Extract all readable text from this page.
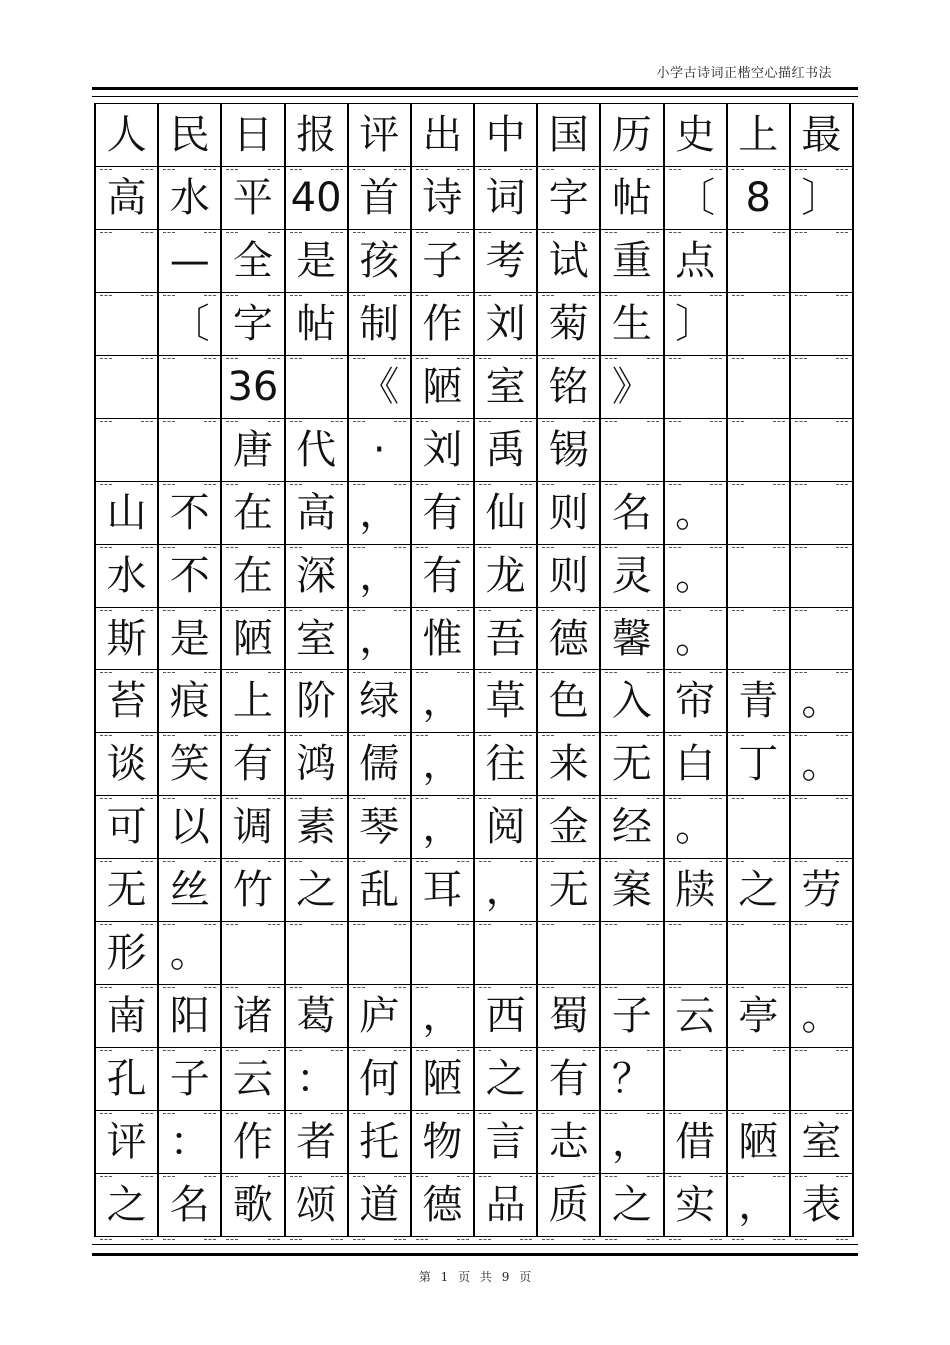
小学古诗词正楷空心描红书法
人 民 日 报 评 出 中 国 历 史 上 最
高 水 平 40 首 诗 词 字 帖 〔 8 〕
— 全 是 孩 子 考 试 重 点
〔 字 帖 制 作 刘 菊 生 〕
36 《 陋 室 铭 》
唐 代 · 刘 禹 锡
山 不 在 高 ， 有 仙 则 名 。
水 不 在 深 ， 有 龙 则 灵 。
斯 是 陋 室 ， 惟 吾 德 馨 。
苔 痕 上 阶 绿 ， 草 色 入 帘 青 。
谈 笑 有 鸿 儒 ， 往 来 无 白 丁 。
可 以 调 素 琴 ， 阅 金 经 。
无 丝 竹 之 乱 耳 ， 无 案 牍 之 劳
形 。
南 阳 诸 葛 庐 ， 西 蜀 子 云 亭 。
孔 子 云 ： 何 陋 之 有 ？
评 ： 作 者 托 物 言 志 ， 借 陋 室
之 名 歌 颂 道 德 品 质 之 实 ， 表
第 1 页 共 9 页
